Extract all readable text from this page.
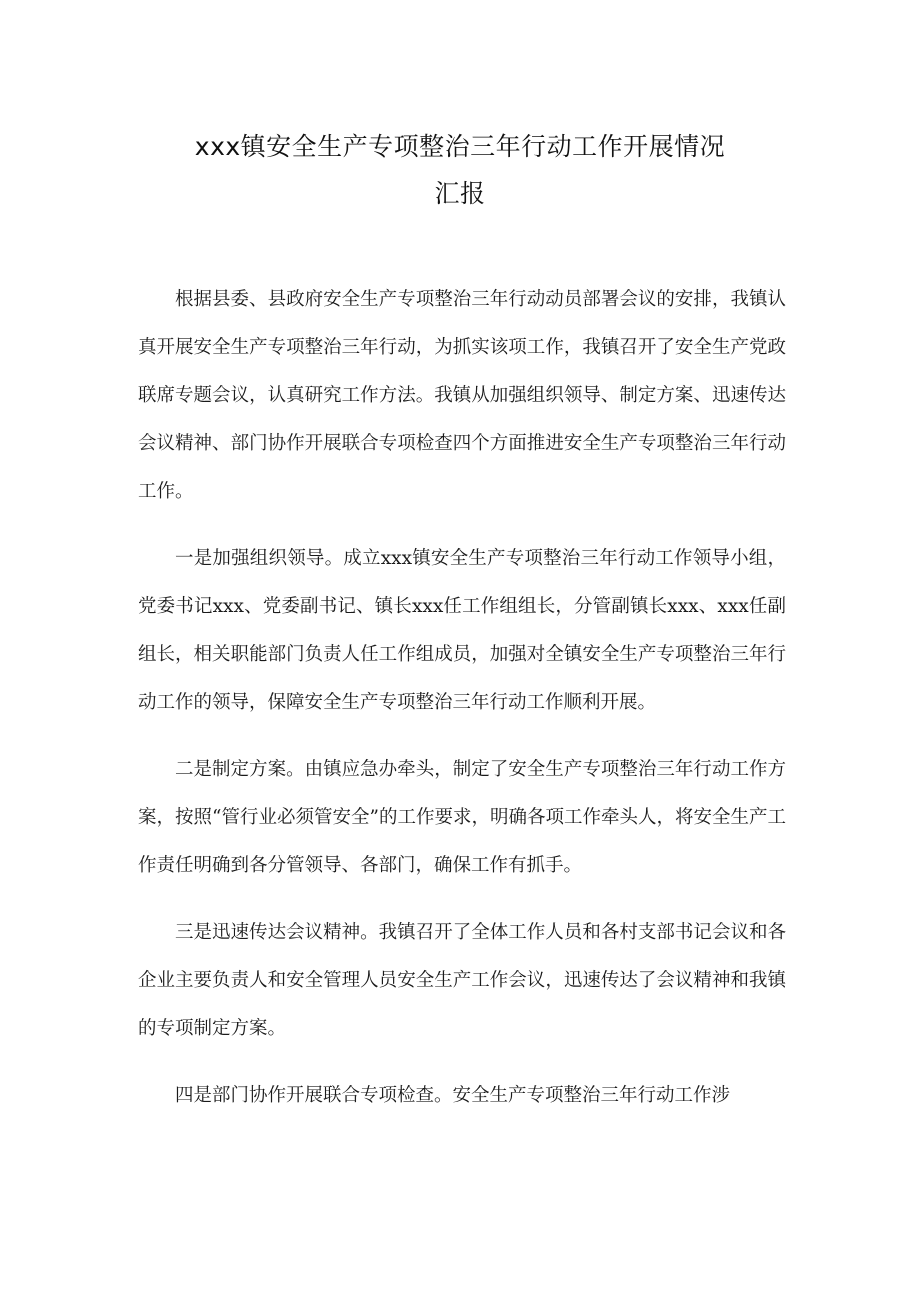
xxx镇安全生产专项整治三年行动工作开展情况
汇报

根据县委、县政府安全生产专项整治三年行动动员部署会议的安排，我镇认真开展安全生产专项整治三年行动，为抓实该项工作，我镇召开了安全生产党政联席专题会议，认真研究工作方法。我镇从加强组织领导、制定方案、迅速传达会议精神、部门协作开展联合专项检查四个方面推进安全生产专项整治三年行动工作。

一是加强组织领导。成立xxx镇安全生产专项整治三年行动工作领导小组，党委书记xxx、党委副书记、镇长xxx任工作组组长，分管副镇长xxx、xxx任副组长，相关职能部门负责人任工作组成员，加强对全镇安全生产专项整治三年行动工作的领导，保障安全生产专项整治三年行动工作顺利开展。

二是制定方案。由镇应急办牵头，制定了安全生产专项整治三年行动工作方案，按照“管行业必须管安全”的工作要求，明确各项工作牵头人，将安全生产工作责任明确到各分管领导、各部门，确保工作有抓手。

三是迅速传达会议精神。我镇召开了全体工作人员和各村支部书记会议和各企业主要负责人和安全管理人员安全生产工作会议，迅速传达了会议精神和我镇的专项制定方案。

四是部门协作开展联合专项检查。安全生产专项整治三年行动工作涉
